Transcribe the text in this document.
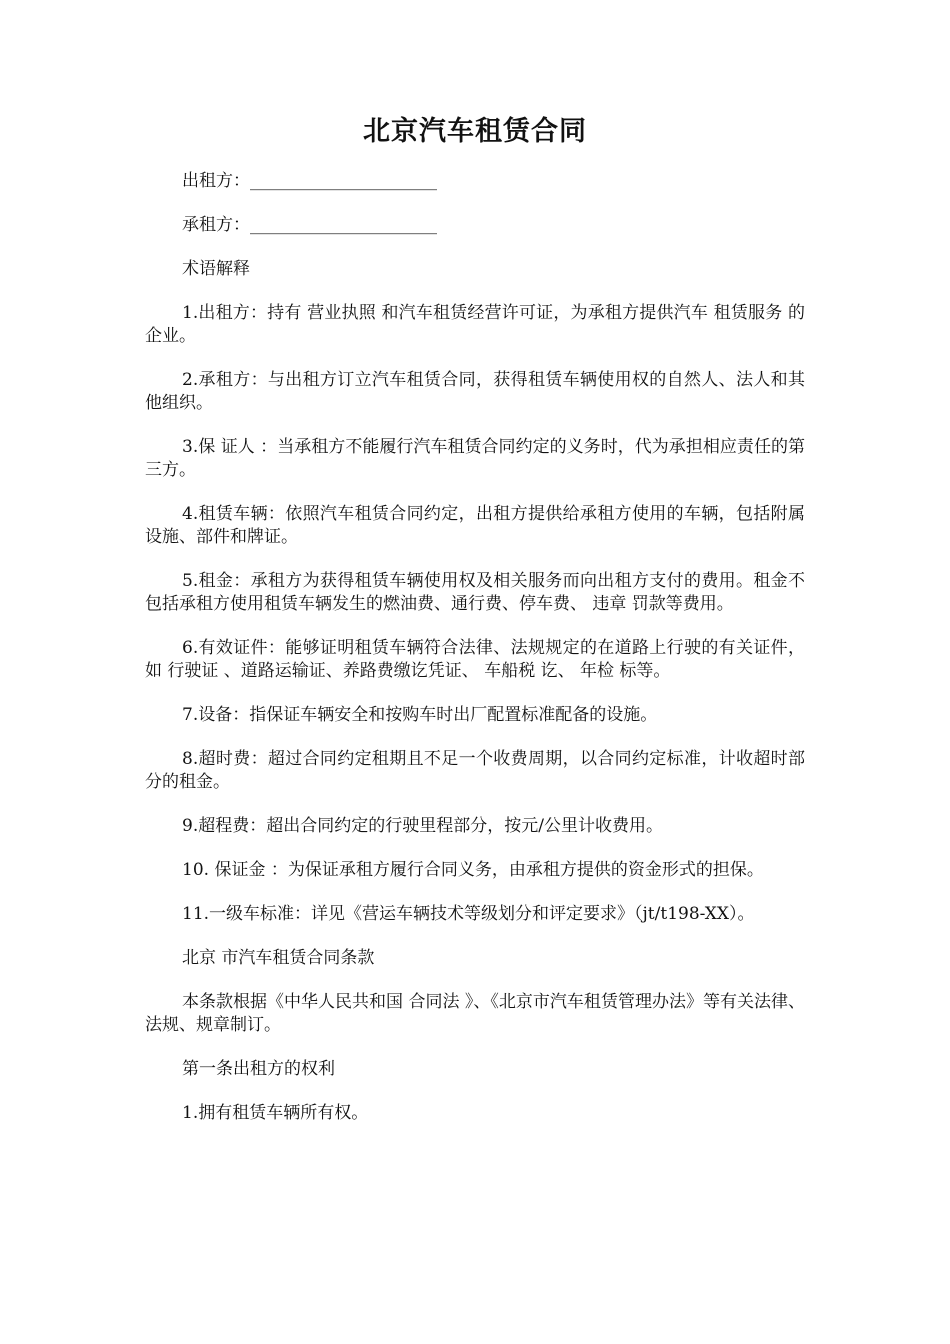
北京汽车租赁合同

出租方：______________________

承租方：______________________

术语解释

1.出租方：持有 营业执照 和汽车租赁经营许可证，为承租方提供汽车 租赁服务 的企业。

2.承租方：与出租方订立汽车租赁合同，获得租赁车辆使用权的自然人、法人和其他组织。

3.保 证人 ：当承租方不能履行汽车租赁合同约定的义务时，代为承担相应责任的第三方。

4.租赁车辆：依照汽车租赁合同约定，出租方提供给承租方使用的车辆，包括附属设施、部件和牌证。

5.租金：承租方为获得租赁车辆使用权及相关服务而向出租方支付的费用。租金不包括承租方使用租赁车辆发生的燃油费、通行费、停车费、 违章 罚款等费用。

6.有效证件：能够证明租赁车辆符合法律、法规规定的在道路上行驶的有关证件，如 行驶证 、道路运输证、养路费缴讫凭证、 车船税 讫、 年检 标等。

7.设备：指保证车辆安全和按购车时出厂配置标准配备的设施。

8.超时费：超过合同约定租期且不足一个收费周期，以合同约定标准，计收超时部分的租金。

9.超程费：超出合同约定的行驶里程部分，按元/公里计收费用。

10. 保证金 ：为保证承租方履行合同义务，由承租方提供的资金形式的担保。

11.一级车标准：详见《营运车辆技术等级划分和评定要求》（jt/t198-XX）。

北京 市汽车租赁合同条款

本条款根据《中华人民共和国 合同法 》、《北京市汽车租赁管理办法》等有关法律、法规、规章制订。

第一条出租方的权利

1.拥有租赁车辆所有权。
